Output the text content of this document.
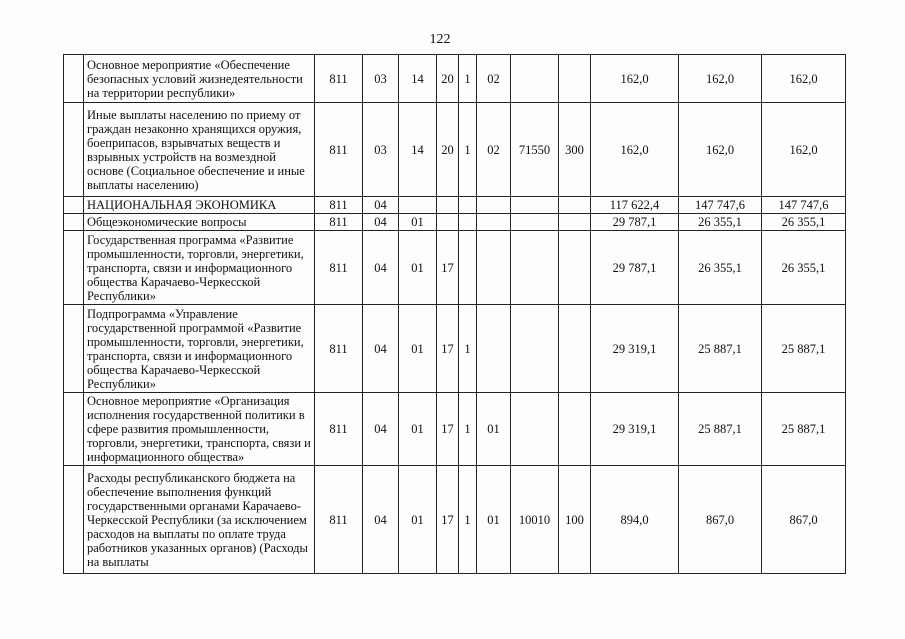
122
	Основное мероприятие «Обеспечение безопасных условий жизнедеятельности на территории республики»	811	03	14	20	1	02			162,0	162,0	162,0
	Иные выплаты населению по приему от граждан незаконно хранящихся оружия, боеприпасов, взрывчатых веществ и взрывных устройств на возмездной основе (Социальное обеспечение и иные выплаты населению)	811	03	14	20	1	02	71550	300	162,0	162,0	162,0
	НАЦИОНАЛЬНАЯ ЭКОНОМИКА	811	04							117 622,4	147 747,6	147 747,6
	Общеэкономические вопросы	811	04	01						29 787,1	26 355,1	26 355,1
	Государственная программа «Развитие промышленности, торговли, энергетики, транспорта, связи и информационного общества Карачаево-Черкесской Республики»	811	04	01	17					29 787,1	26 355,1	26 355,1
	Подпрограмма «Управление государственной программой «Развитие промышленности, торговли, энергетики, транспорта, связи и информационного общества Карачаево-Черкесской Республики»	811	04	01	17	1				29 319,1	25 887,1	25 887,1
	Основное мероприятие «Организация исполнения государственной политики в сфере развития промышленности, торговли, энергетики, транспорта, связи и информационного общества»	811	04	01	17	1	01			29 319,1	25 887,1	25 887,1
	Расходы республиканского бюджета на обеспечение выполнения функций государственными органами Карачаево-Черкесской Республики (за исключением расходов на выплаты по оплате труда работников указанных органов) (Расходы на выплаты	811	04	01	17	1	01	10010	100	894,0	867,0	867,0
